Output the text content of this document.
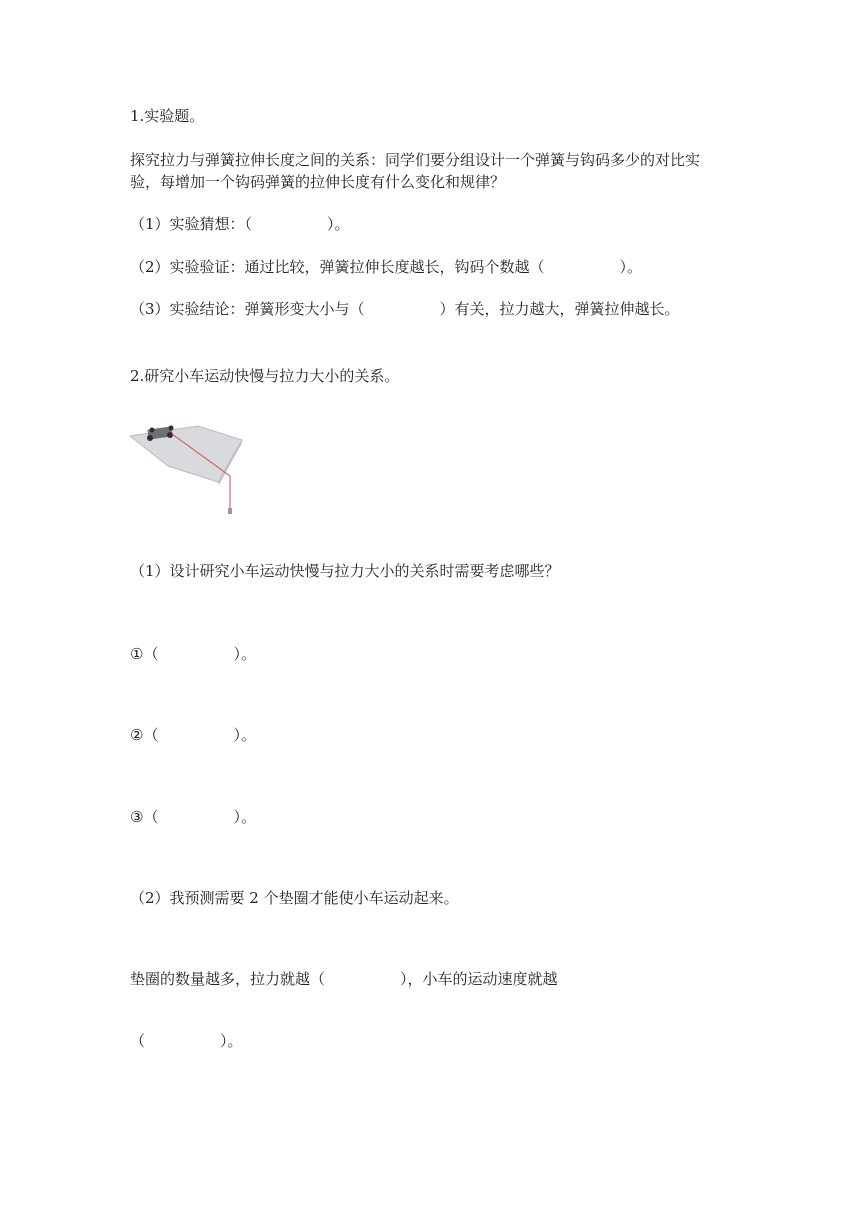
1.实验题。
探究拉力与弹簧拉伸长度之间的关系：同学们要分组设计一个弹簧与钩码多少的对比实验，每增加一个钩码弹簧的拉伸长度有什么变化和规律？
（1）实验猜想：（　　　　　）。
（2）实验验证：通过比较，弹簧拉伸长度越长，钩码个数越（　　　　　）。
（3）实验结论：弹簧形变大小与（　　　　　）有关，拉力越大，弹簧拉伸越长。
2.研究小车运动快慢与拉力大小的关系。
（1）设计研究小车运动快慢与拉力大小的关系时需要考虑哪些？
①（　　　　　）。
②（　　　　　）。
③（　　　　　）。
（2）我预测需要 2 个垫圈才能使小车运动起来。
垫圈的数量越多，拉力就越（　　　　　），小车的运动速度就越
（　　　　　）。
